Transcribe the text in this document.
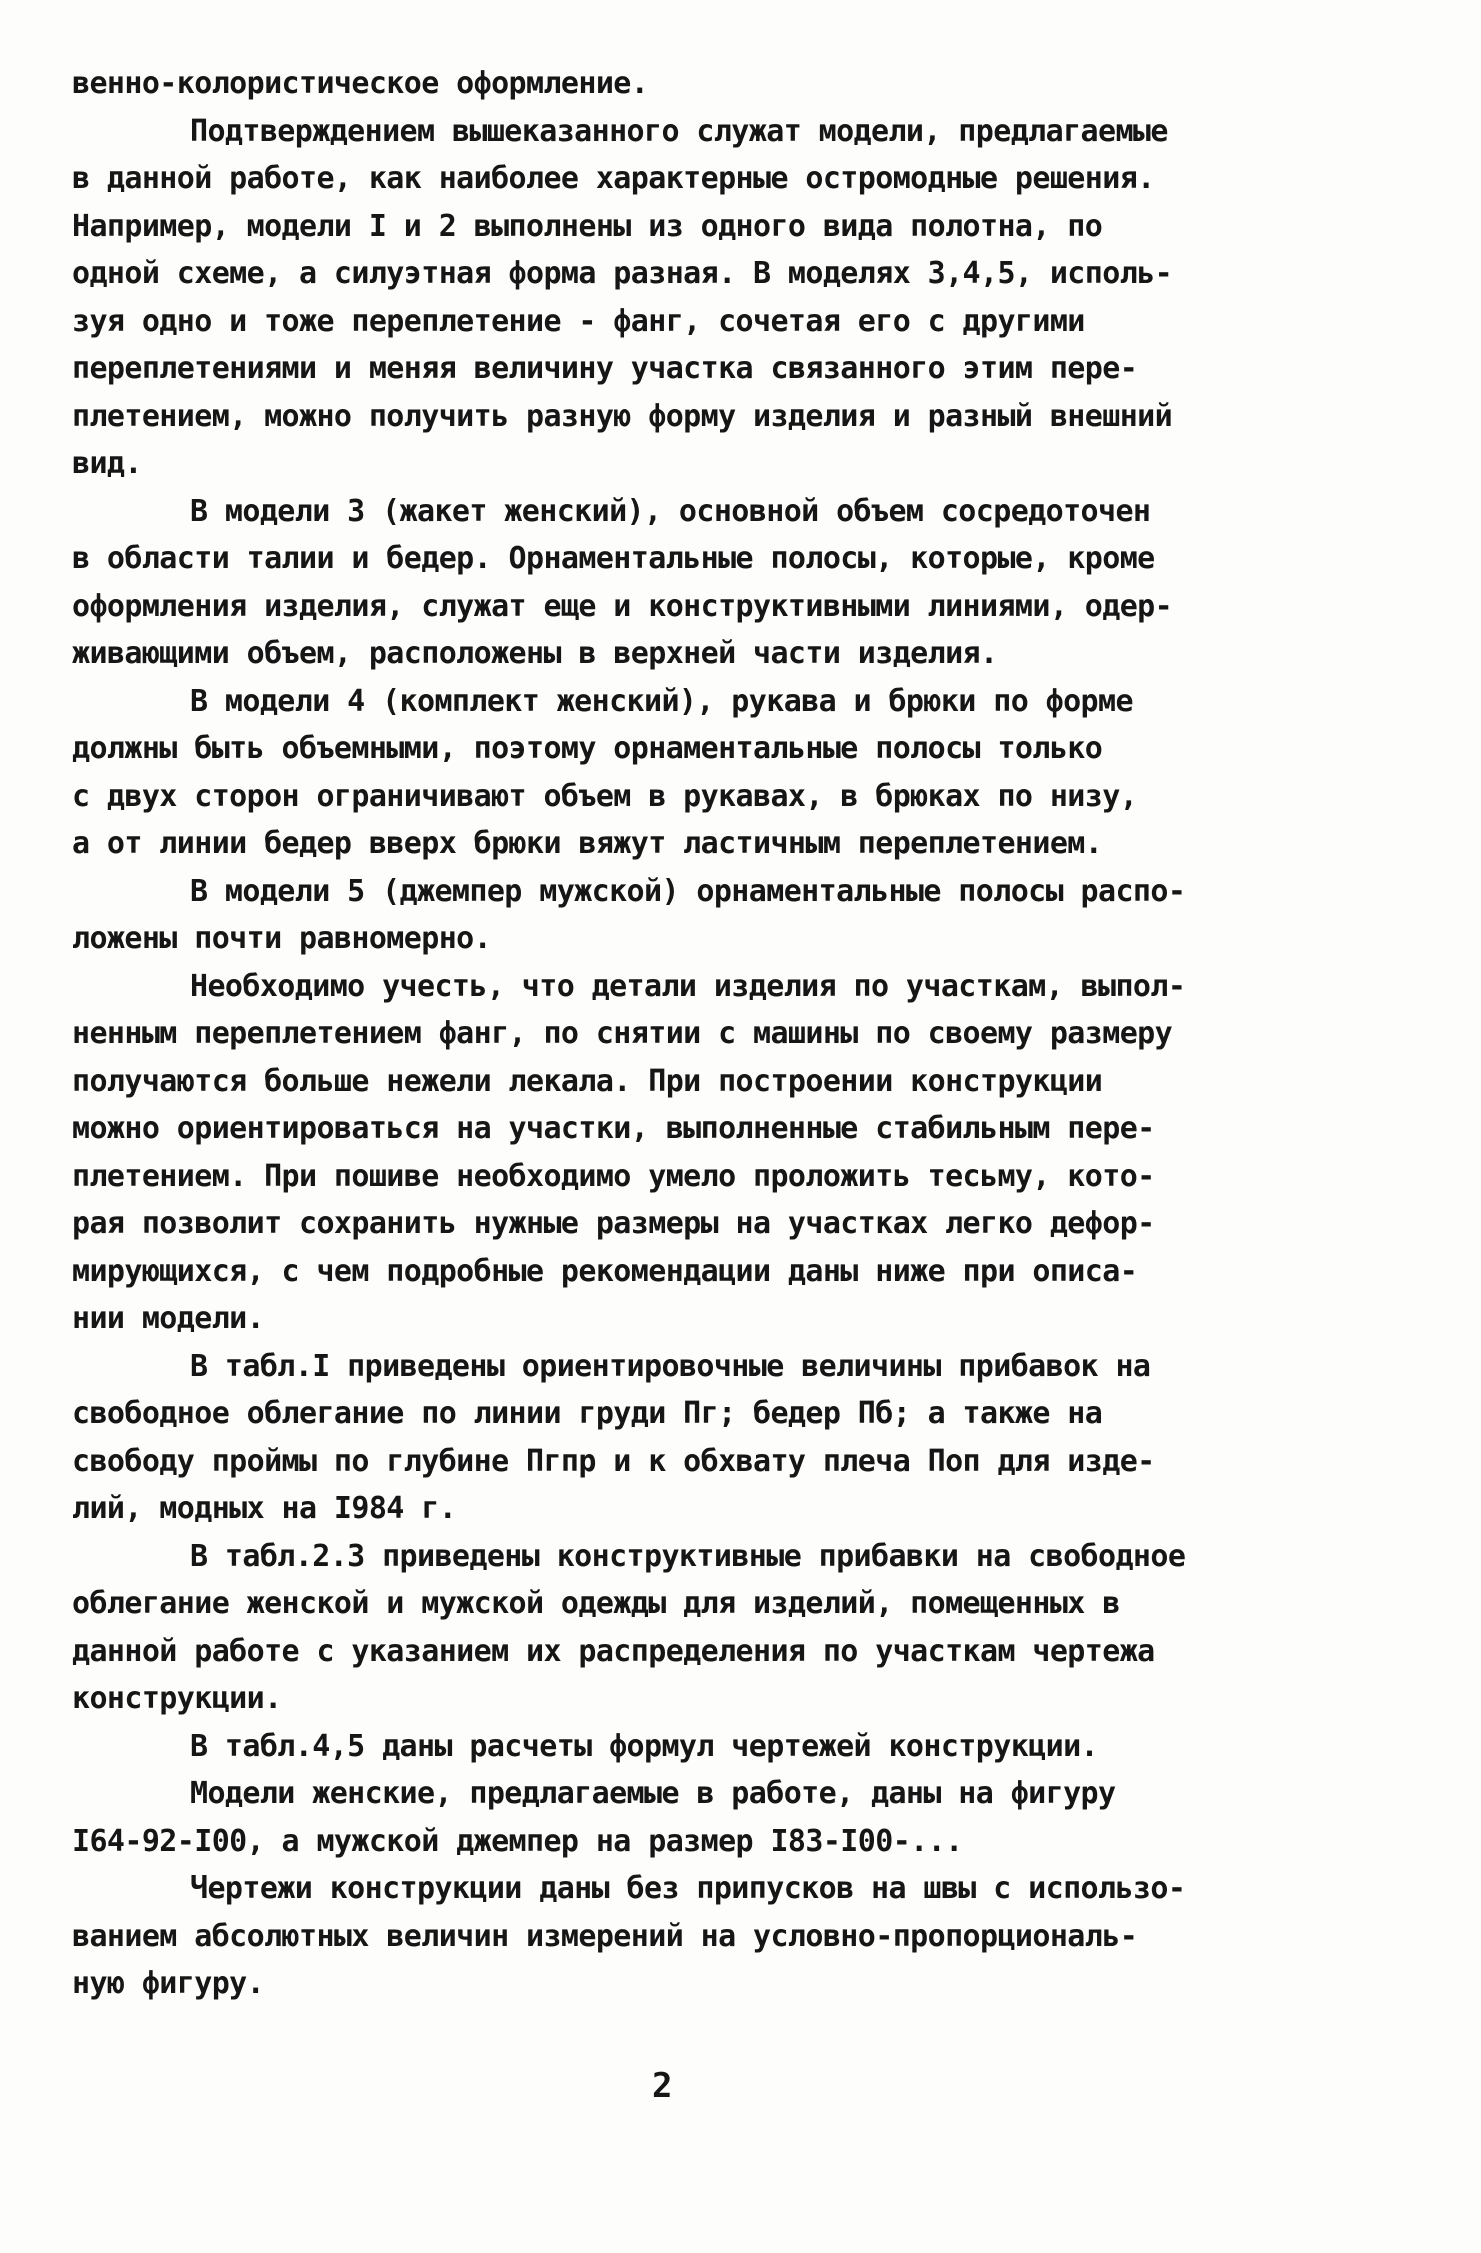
венно-колористическое оформление.
Подтверждением вышеказанного служат модели, предлагаемые
в данной работе, как наиболее характерные остромодные решения.
Например, модели I и 2 выполнены из одного вида полотна, по
одной схеме, а силуэтная форма разная. В моделях 3,4,5, исполь-
зуя одно и тоже переплетение - фанг, сочетая его с другими
переплетениями и меняя величину участка связанного этим пере-
плетением, можно получить разную форму изделия и разный внешний
вид.
В модели 3 (жакет женский), основной объем сосредоточен
в области талии и бедер. Орнаментальные полосы, которые, кроме
оформления изделия, служат еще и конструктивными линиями, одер-
живающими объем, расположены в верхней части изделия.
В модели 4 (комплект женский), рукава и брюки по форме
должны быть объемными, поэтому орнаментальные полосы только
с двух сторон ограничивают объем в рукавах, в брюках по низу,
а от линии бедер вверх брюки вяжут ластичным переплетением.
В модели 5 (джемпер мужской) орнаментальные полосы распо-
ложены почти равномерно.
Необходимо учесть, что детали изделия по участкам, выпол-
ненным переплетением фанг, по снятии с машины по своему размеру
получаются больше нежели лекала. При построении конструкции
можно ориентироваться на участки, выполненные стабильным пере-
плетением. При пошиве необходимо умело проложить тесьму, кото-
рая позволит сохранить нужные размеры на участках легко дефор-
мирующихся, с чем подробные рекомендации даны ниже при описа-
нии модели.
В табл.I приведены ориентировочные величины прибавок на
свободное облегание по линии груди Пг; бедер Пб; а также на
свободу проймы по глубине Пгпр и к обхвату плеча Поп для изде-
лий, модных на I984 г.
В табл.2.3 приведены конструктивные прибавки на свободное
облегание женской и мужской одежды для изделий, помещенных в
данной работе с указанием их распределения по участкам чертежа
конструкции.
В табл.4,5 даны расчеты формул чертежей конструкции.
Модели женские, предлагаемые в работе, даны на фигуру
I64-92-I00, а мужской джемпер на размер I83-I00-...
Чертежи конструкции даны без припусков на швы с использо-
ванием абсолютных величин измерений на условно-пропорциональ-
ную фигуру.
2
